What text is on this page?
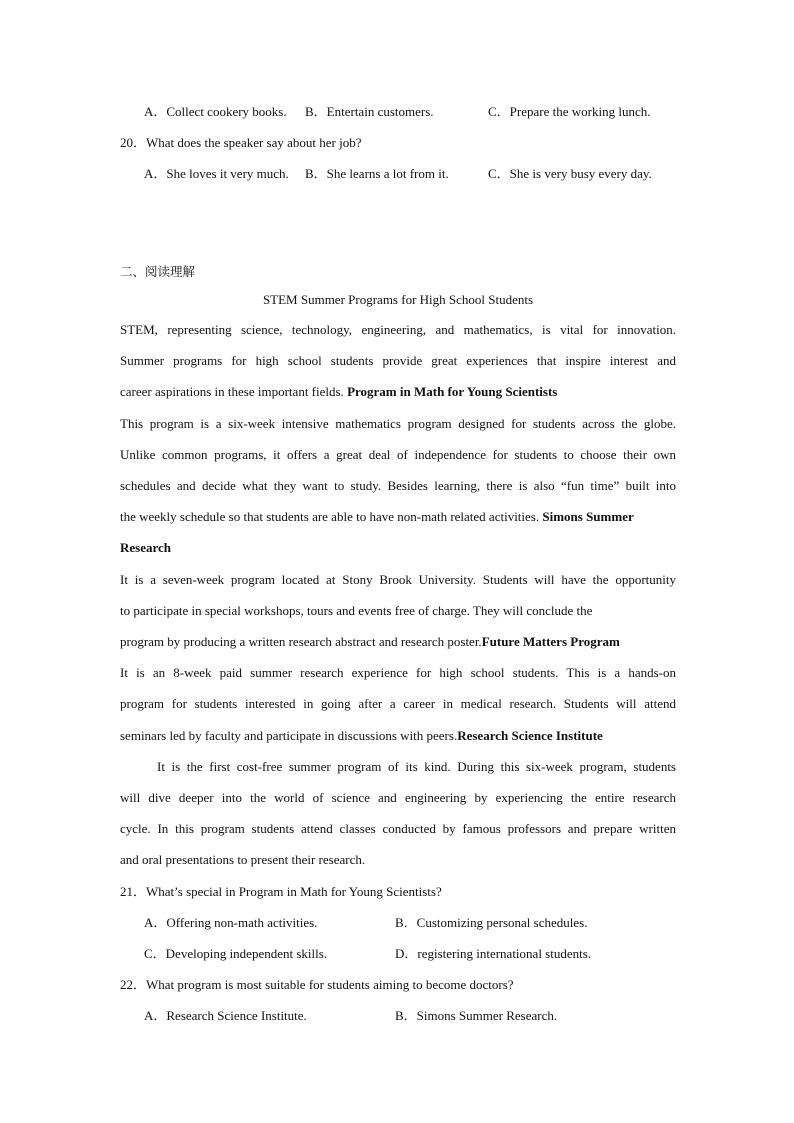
A．Collect cookery books. B．Entertain customers.	C．Prepare the working lunch.
20．What does the speaker say about her job?
A．She loves it very much. B．She learns a lot from it.	C．She is very busy every day.
二、阅读理解
STEM Summer Programs for High School Students
STEM, representing science, technology, engineering, and mathematics, is vital for innovation.
Summer programs for high school students provide great experiences that inspire interest and
career aspirations in these important fields. Program in Math for Young Scientists
This program is a six-week intensive mathematics program designed for students across the globe.
Unlike common programs, it offers a great deal of independence for students to choose their own
schedules and decide what they want to study. Besides learning, there is also “fun time” built into
the weekly schedule so that students are able to have non-math related activities. Simons Summer
Research
It is a seven-week program located at Stony Brook University. Students will have the opportunity
to participate in special workshops, tours and events free of charge. They will conclude the
program by producing a written research abstract and research poster.Future Matters Program
It is an 8-week paid summer research experience for high school students. This is a hands-on
program for students interested in going after a career in medical research. Students will attend
seminars led by faculty and participate in discussions with peers.Research Science Institute
It is the first cost-free summer program of its kind. During this six-week program, students
will dive deeper into the world of science and engineering by experiencing the entire research
cycle. In this program students attend classes conducted by famous professors and prepare written
and oral presentations to present their research.
21．What’s special in Program in Math for Young Scientists?
A．Offering non-math activities.	B．Customizing personal schedules.
C．Developing independent skills.	D．registering international students.
22．What program is most suitable for students aiming to become doctors?
A．Research Science Institute.	B．Simons Summer Research.
